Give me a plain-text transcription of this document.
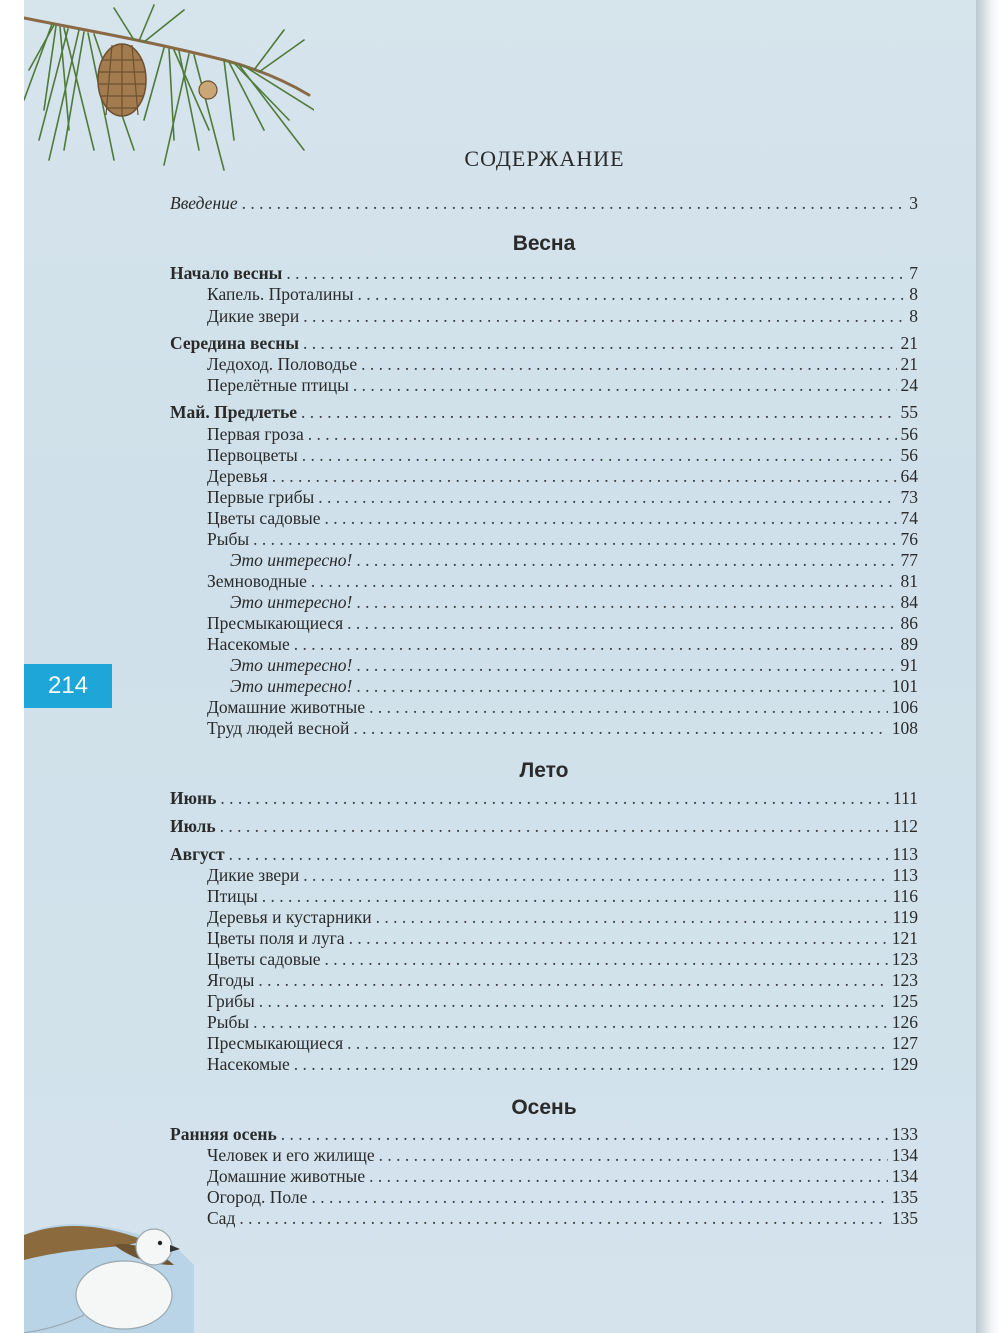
214
СОДЕРЖАНИЕ
Введение . . .	3
Весна
Начало весны . . .	7
Капель. Проталины . . .	8
Дикие звери . . .	8
Середина весны . . .	21
Ледоход. Половодье . . .	21
Перелётные птицы . . .	24
Май. Предлетье . . .	55
Первая гроза . . .	56
Первоцветы . . .	56
Деревья . . .	64
Первые грибы . . .	73
Цветы садовые . . .	74
Рыбы . . .	76
Это интересно! . . .	77
Земноводные . . .	81
Это интересно! . . .	84
Пресмыкающиеся . . .	86
Насекомые . . .	89
Это интересно! . . .	91
Это интересно! . . .	101
Домашние животные . . .	106
Труд людей весной . . .	108
Лето
Июнь . . .	111
Июль . . .	112
Август . . .	113
Дикие звери . . .	113
Птицы . . .	116
Деревья и кустарники . . .	119
Цветы поля и луга . . .	121
Цветы садовые . . .	123
Ягоды . . .	123
Грибы . . .	125
Рыбы . . .	126
Пресмыкающиеся . . .	127
Насекомые . . .	129
Осень
Ранняя осень . . .	133
Человек и его жилище . . .	134
Домашние животные . . .	134
Огород. Поле . . .	135
Сад . . .	135
